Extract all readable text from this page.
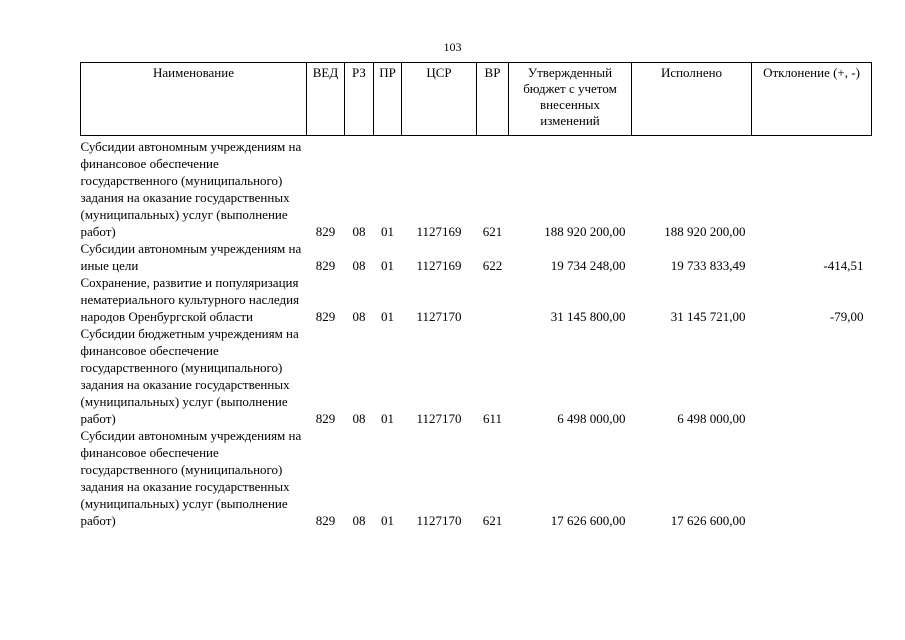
103
Наименование	ВЕД	РЗ	ПР	ЦСР	ВР	Утвержденный бюджет с учетом внесенных изменений	Исполнено	Отклонение (+, -)
Субсидии автономным учреждениям на финансовое обеспечение государственного (муниципального) задания на оказание государственных (муниципальных) услуг (выполнение работ)	829	08	01	1127169	621	188 920 200,00	188 920 200,00	
Субсидии автономным учреждениям на иные цели	829	08	01	1127169	622	19 734 248,00	19 733 833,49	-414,51
Сохранение, развитие и популяризация нематериального культурного наследия народов Оренбургской области	829	08	01	1127170		31 145 800,00	31 145 721,00	-79,00
Субсидии бюджетным учреждениям на финансовое обеспечение государственного (муниципального) задания на оказание государственных (муниципальных) услуг (выполнение работ)	829	08	01	1127170	611	6 498 000,00	6 498 000,00	
Субсидии автономным учреждениям на финансовое обеспечение государственного (муниципального) задания на оказание государственных (муниципальных) услуг (выполнение работ)	829	08	01	1127170	621	17 626 600,00	17 626 600,00	
